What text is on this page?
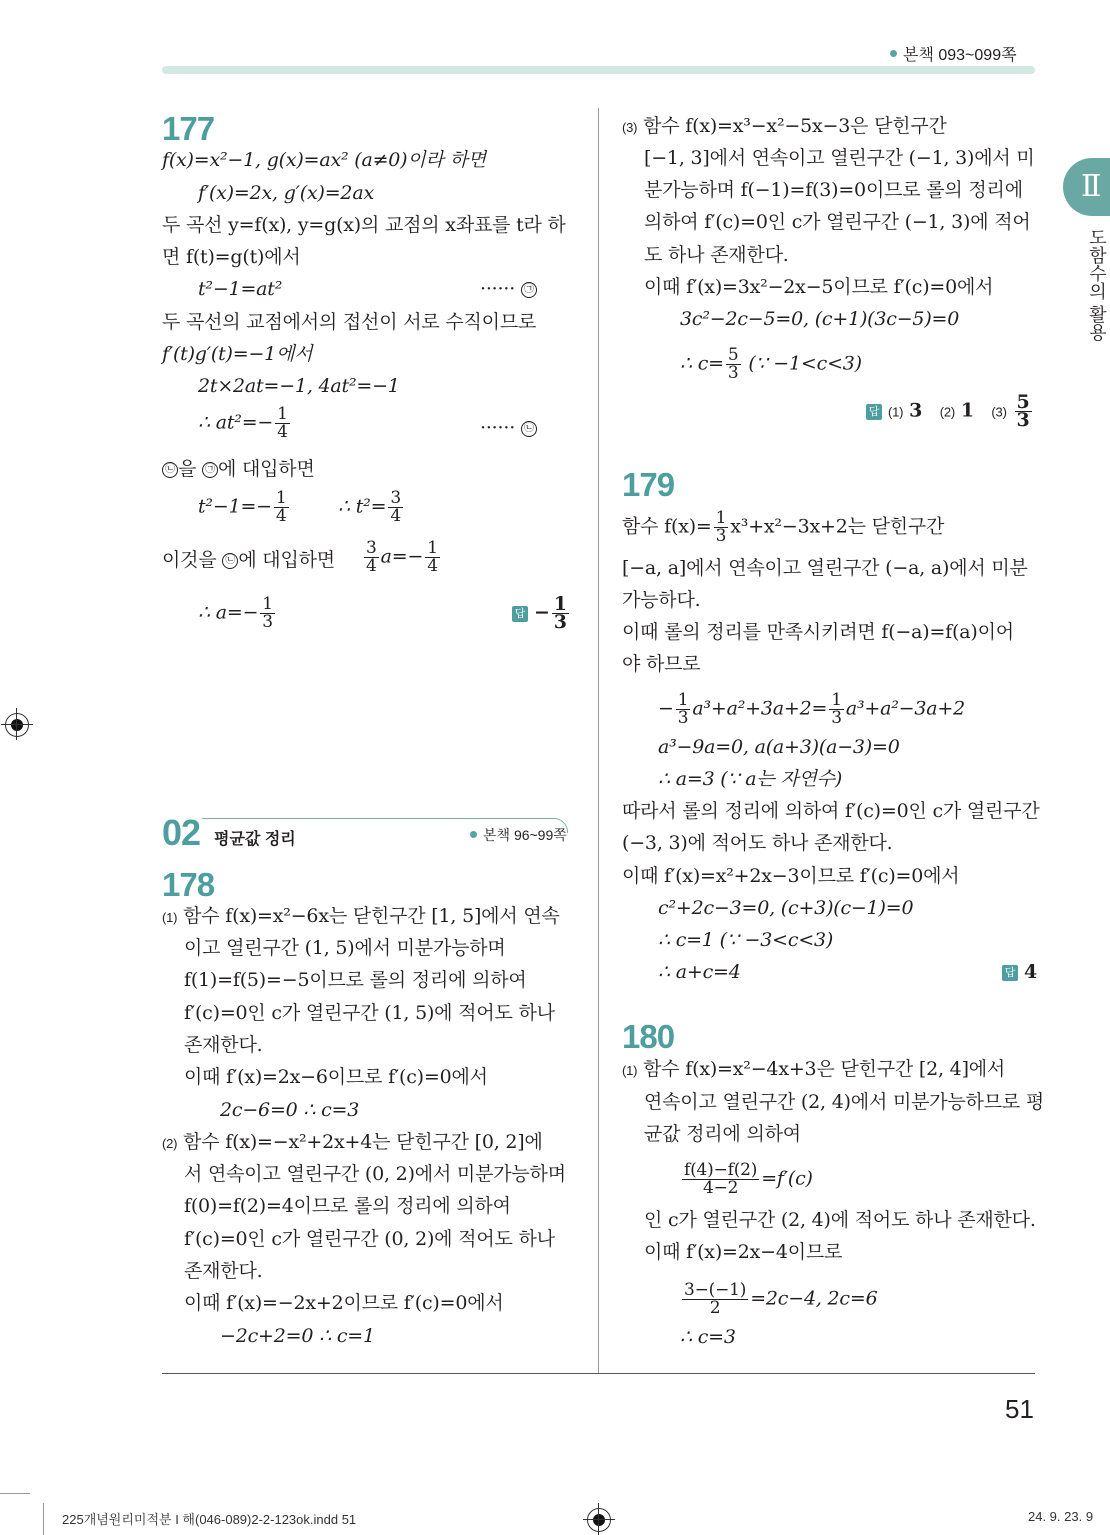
본책 093~099쪽
Ⅱ
도함수의 활용
177
f(x)=x²−1, g(x)=ax² (a≠0)이라 하면
f′(x)=2x, g′(x)=2ax
두 곡선 y=f(x), y=g(x)의 교점의 x좌표를 t라 하
면 f(t)=g(t)에서
t²−1=at²	······ ㉠
두 곡선의 교점에서의 접선이 서로 수직이므로
f′(t)g′(t)=−1에서
2t×2at=−1, 4at²=−1
∴ $at^2=- \frac{1}{4}$	······ ㉡
㉡ 을 ㉠ 에 대입하면
$t^2-1=- \frac{1}{4}$	∴ $t^2= \frac{3}{4}$
이것을 ㉡ 에 대입하면 $\frac{3}{4} a=- \frac{1}{4}$
∴ $a=- \frac{1}{3}$	답 − $\frac{1}{3}$
02 평균값 정리	본책 96~99쪽
178
(1) 함수 f(x)=x²−6x는 닫힌구간 [1, 5]에서 연속
이고 열린구간 (1, 5)에서 미분가능하며
f(1)=f(5)=−5이므로 롤의 정리에 의하여
f′(c)=0인 c가 열린구간 (1, 5)에 적어도 하나
존재한다.
이때 f′(x)=2x−6이므로 f′(c)=0에서
2c−6=0 ∴ c=3
(2) 함수 f(x)=−x²+2x+4는 닫힌구간 [0, 2]에
서 연속이고 열린구간 (0, 2)에서 미분가능하며
f(0)=f(2)=4이므로 롤의 정리에 의하여
f′(c)=0인 c가 열린구간 (0, 2)에 적어도 하나
존재한다.
이때 f′(x)=−2x+2이므로 f′(c)=0에서
−2c+2=0 ∴ c=1
(3) 함수 f(x)=x³−x²−5x−3은 닫힌구간
[−1, 3]에서 연속이고 열린구간 (−1, 3)에서 미
분가능하며 f(−1)=f(3)=0이므로 롤의 정리에
의하여 f′(c)=0인 c가 열린구간 (−1, 3)에 적어
도 하나 존재한다.
이때 f′(x)=3x²−2x−5이므로 f′(c)=0에서
3c²−2c−5=0, (c+1)(3c−5)=0
∴ $c= \frac{5}{3}$ (∵ −1<c<3)
답 (1) 3 (2) 1 $(3) \frac{5}{3}$
179
함수 $f(x)= \frac{1}{3} x^3+x^2-3x+2$는 닫힌구간
[−a, a]에서 연속이고 열린구간 (−a, a)에서 미분
가능하다.
이때 롤의 정리를 만족시키려면 f(−a)=f(a)이어
야 하므로
− $\frac{1}{3} a^3+a^2+3a+2= \frac{1}{3} a^3+a^2-3a+2$
a³−9a=0, a(a+3)(a−3)=0
∴ a=3 (∵ a는 자연수)
따라서 롤의 정리에 의하여 f′(c)=0인 c가 열린구간
(−3, 3)에 적어도 하나 존재한다.
이때 f′(x)=x²+2x−3이므로 f′(c)=0에서
c²+2c−3=0, (c+3)(c−1)=0
∴ c=1 (∵ −3<c<3)
∴ a+c=4	답 4
180
(1) 함수 f(x)=x²−4x+3은 닫힌구간 [2, 4]에서
연속이고 열린구간 (2, 4)에서 미분가능하므로 평
균값 정리에 의하여
$\frac{f(4)-f(2)}{4-2} =f'(c)$
인 c가 열린구간 (2, 4)에 적어도 하나 존재한다.
이때 f′(x)=2x−4이므로
$\frac{3-(-1)}{2} =2c-4$, 2c=6
∴ c=3
51
225개념원리미적분 I 해(046-089)2-2-123ok.indd 51	24. 9. 23. 9
